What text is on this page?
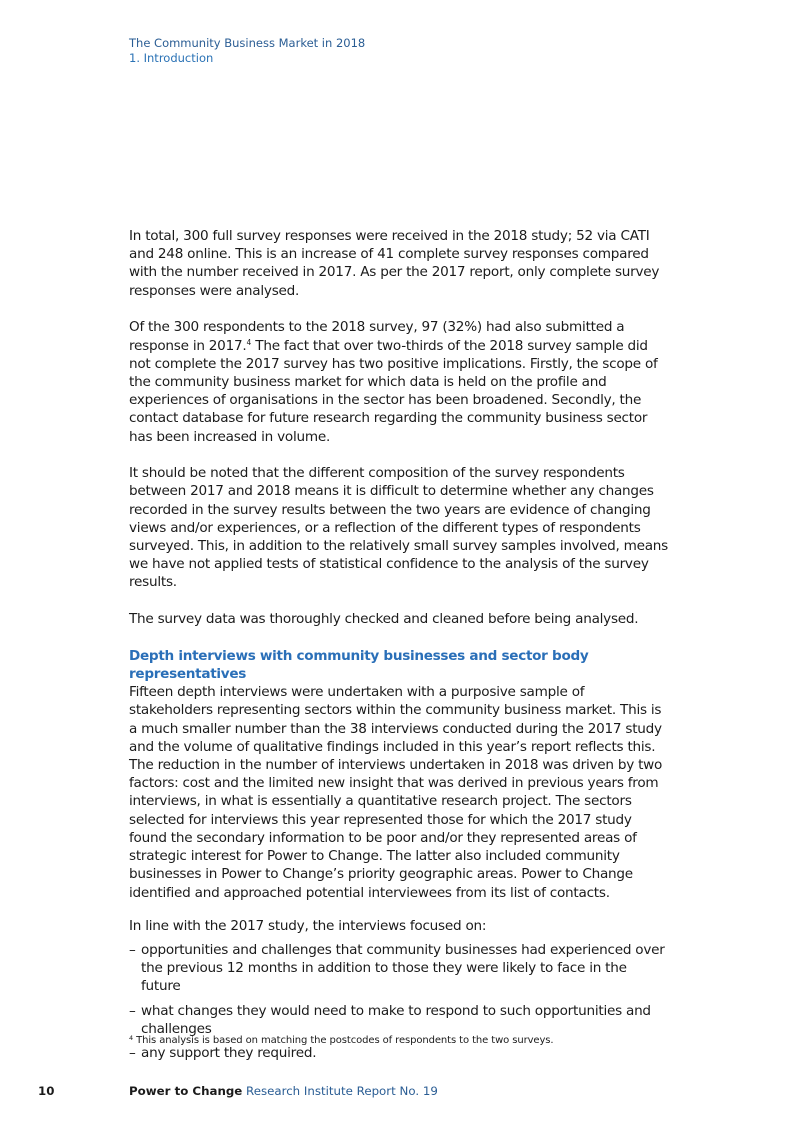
The Community Business Market in 2018
1. Introduction

In total, 300 full survey responses were received in the 2018 study; 52 via CATI and 248 online. This is an increase of 41 complete survey responses compared with the number received in 2017. As per the 2017 report, only complete survey responses were analysed.

Of the 300 respondents to the 2018 survey, 97 (32%) had also submitted a response in 2017.$^4$ The fact that over two-thirds of the 2018 survey sample did not complete the 2017 survey has two positive implications. Firstly, the scope of the community business market for which data is held on the profile and experiences of organisations in the sector has been broadened. Secondly, the contact database for future research regarding the community business sector has been increased in volume.

It should be noted that the different composition of the survey respondents between 2017 and 2018 means it is difficult to determine whether any changes recorded in the survey results between the two years are evidence of changing views and/or experiences, or a reflection of the different types of respondents surveyed. This, in addition to the relatively small survey samples involved, means we have not applied tests of statistical confidence to the analysis of the survey results.

The survey data was thoroughly checked and cleaned before being analysed.

Depth interviews with community businesses and sector body representatives

Fifteen depth interviews were undertaken with a purposive sample of stakeholders representing sectors within the community business market. This is a much smaller number than the 38 interviews conducted during the 2017 study and the volume of qualitative findings included in this year’s report reflects this. The reduction in the number of interviews undertaken in 2018 was driven by two factors: cost and the limited new insight that was derived in previous years from interviews, in what is essentially a quantitative research project. The sectors selected for interviews this year represented those for which the 2017 study found the secondary information to be poor and/or they represented areas of strategic interest for Power to Change. The latter also included community businesses in Power to Change’s priority geographic areas. Power to Change identified and approached potential interviewees from its list of contacts.

In line with the 2017 study, the interviews focused on:

– opportunities and challenges that community businesses had experienced over the previous 12 months in addition to those they were likely to face in the future
– what changes they would need to make to respond to such opportunities and challenges
– any support they required.
$^4$ This analysis is based on matching the postcodes of respondents to the two surveys.
10	Power to Change Research Institute Report No. 19
